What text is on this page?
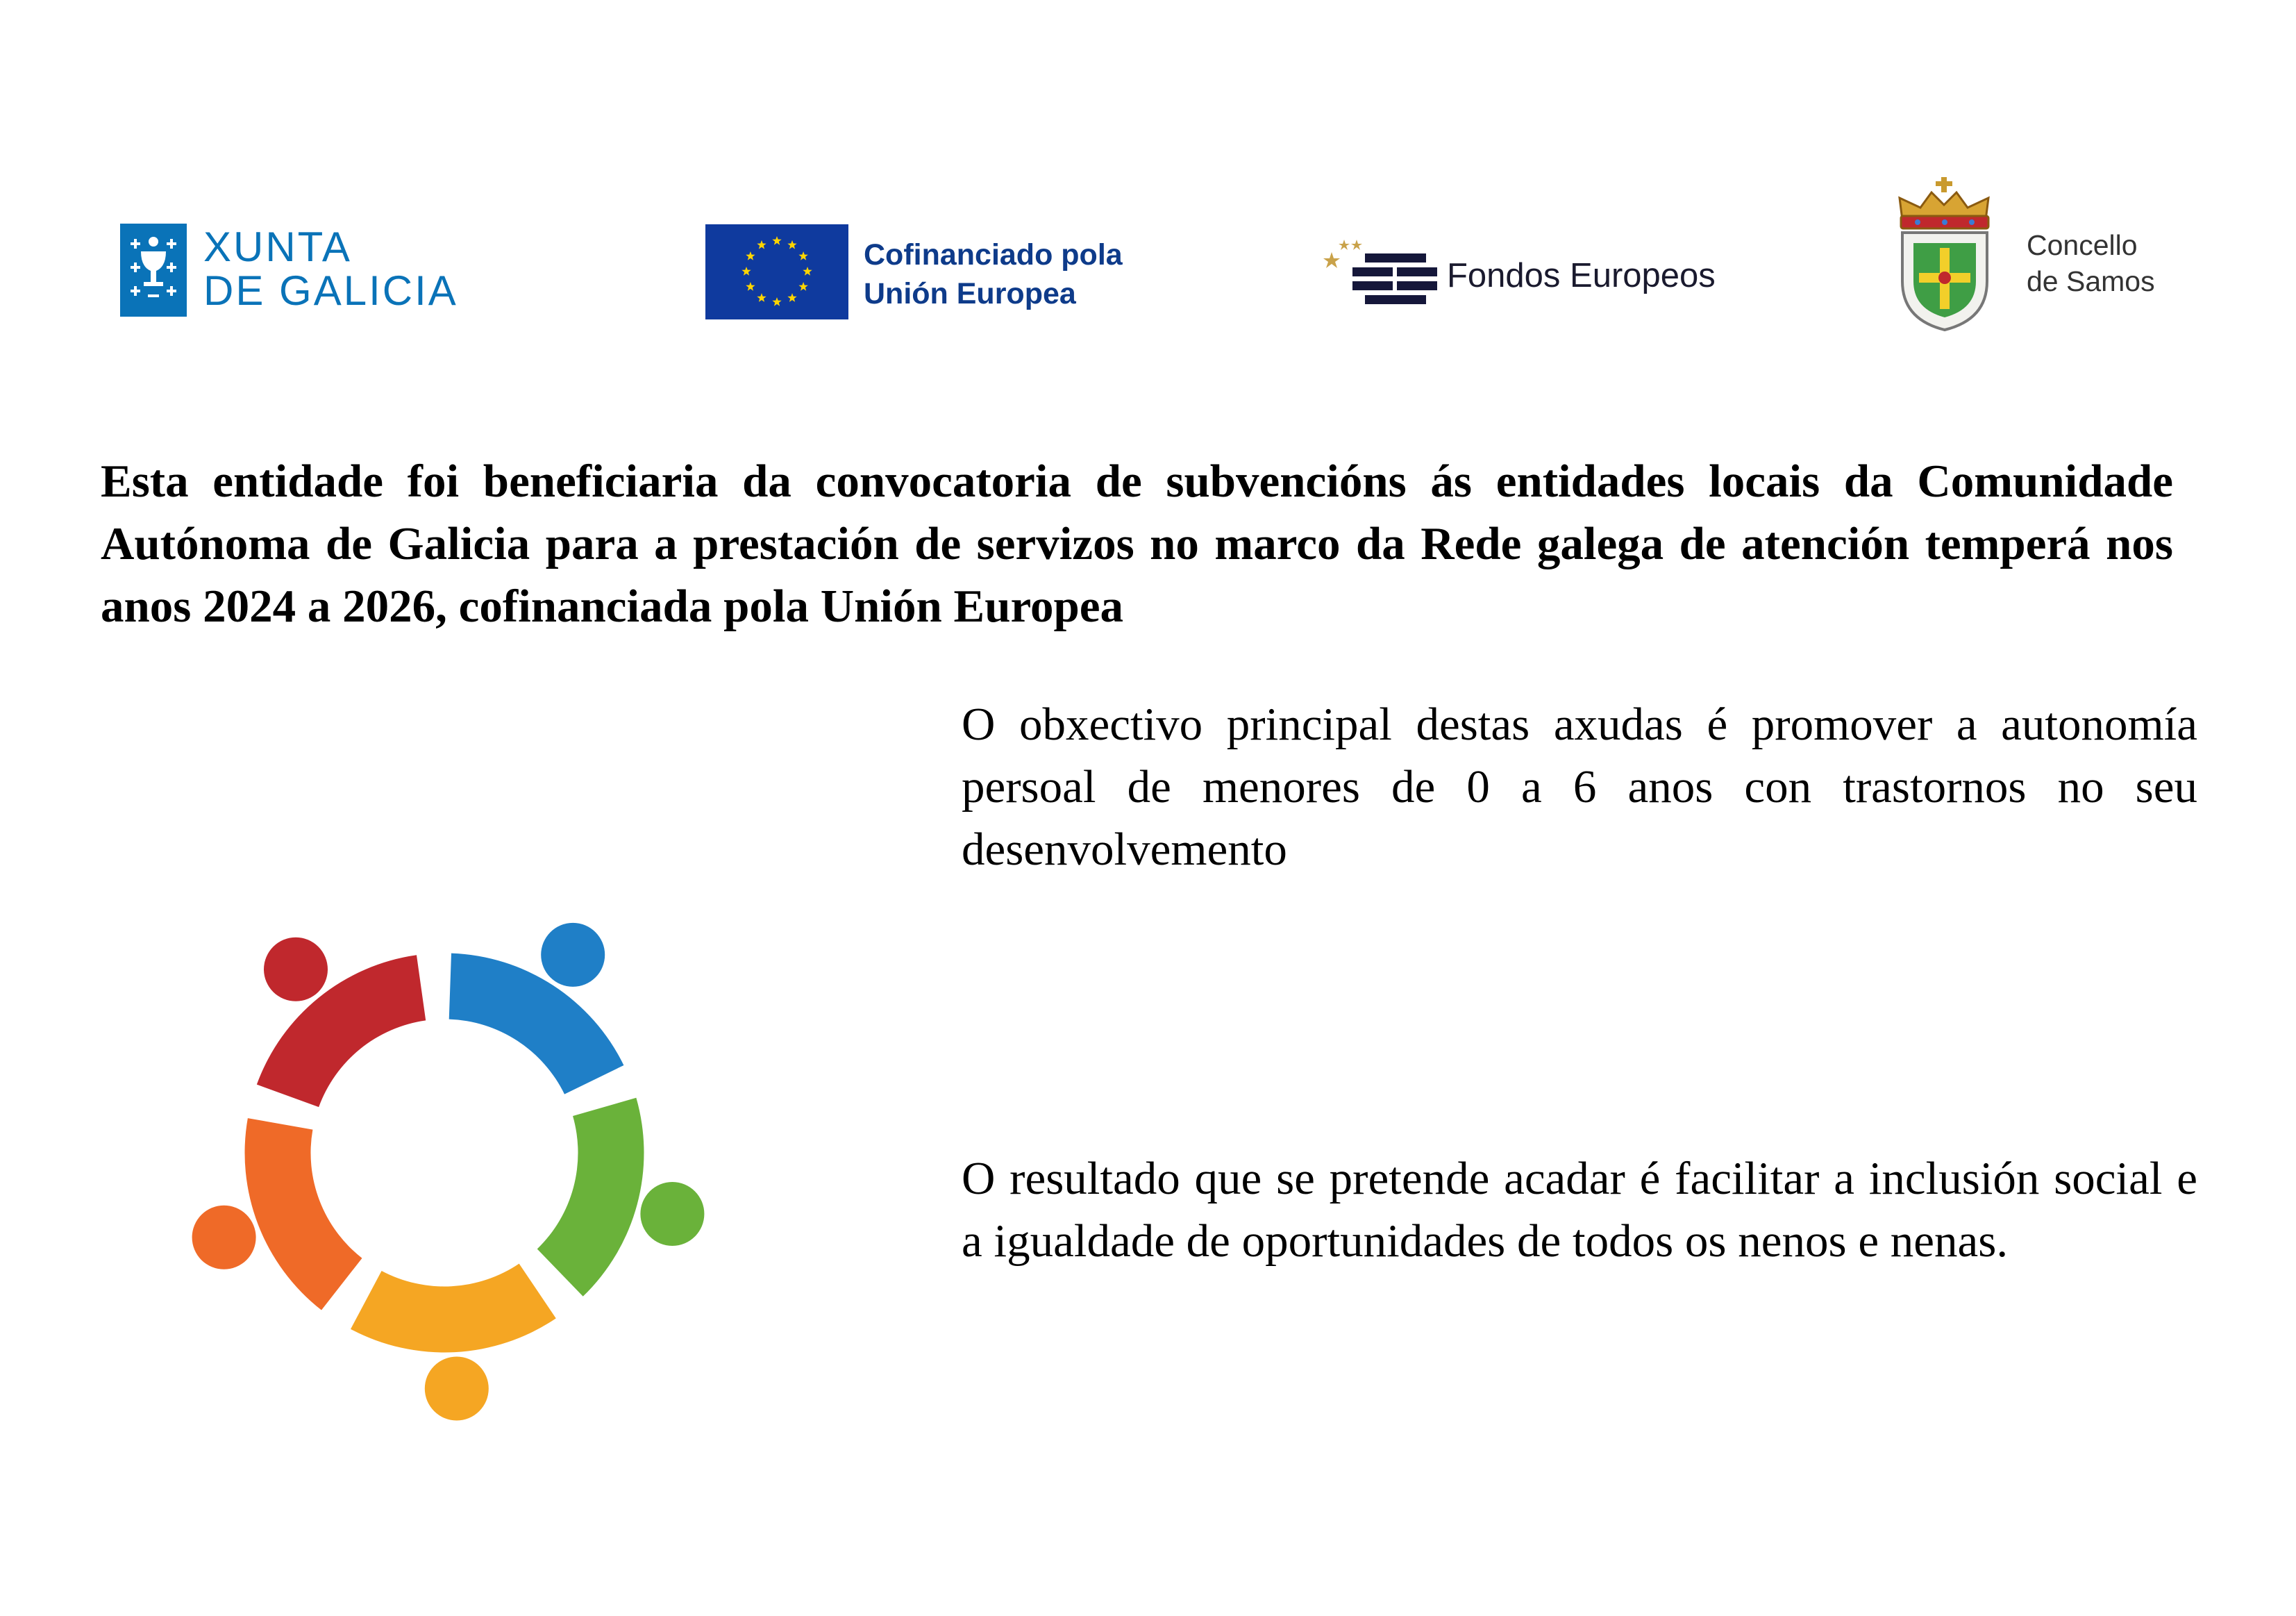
XUNTA
DE GALICIA
Cofinanciado pola
Unión Europea	Fondos Europeos
Concello
de Samos

Esta entidade foi beneficiaria da convocatoria de subvencións ás entidades locais da Comunidade Autónoma de Galicia para a prestación de servizos no marco da Rede galega de atención temperá nos anos 2024 a 2026, cofinanciada pola Unión Europea

O obxectivo principal destas axudas é promover a autonomía persoal de menores de 0 a 6 anos con trastornos no seu desenvolvemento

O resultado que se pretende acadar é facilitar a inclusión social e a igualdade de oportunidades de todos os nenos e nenas.
